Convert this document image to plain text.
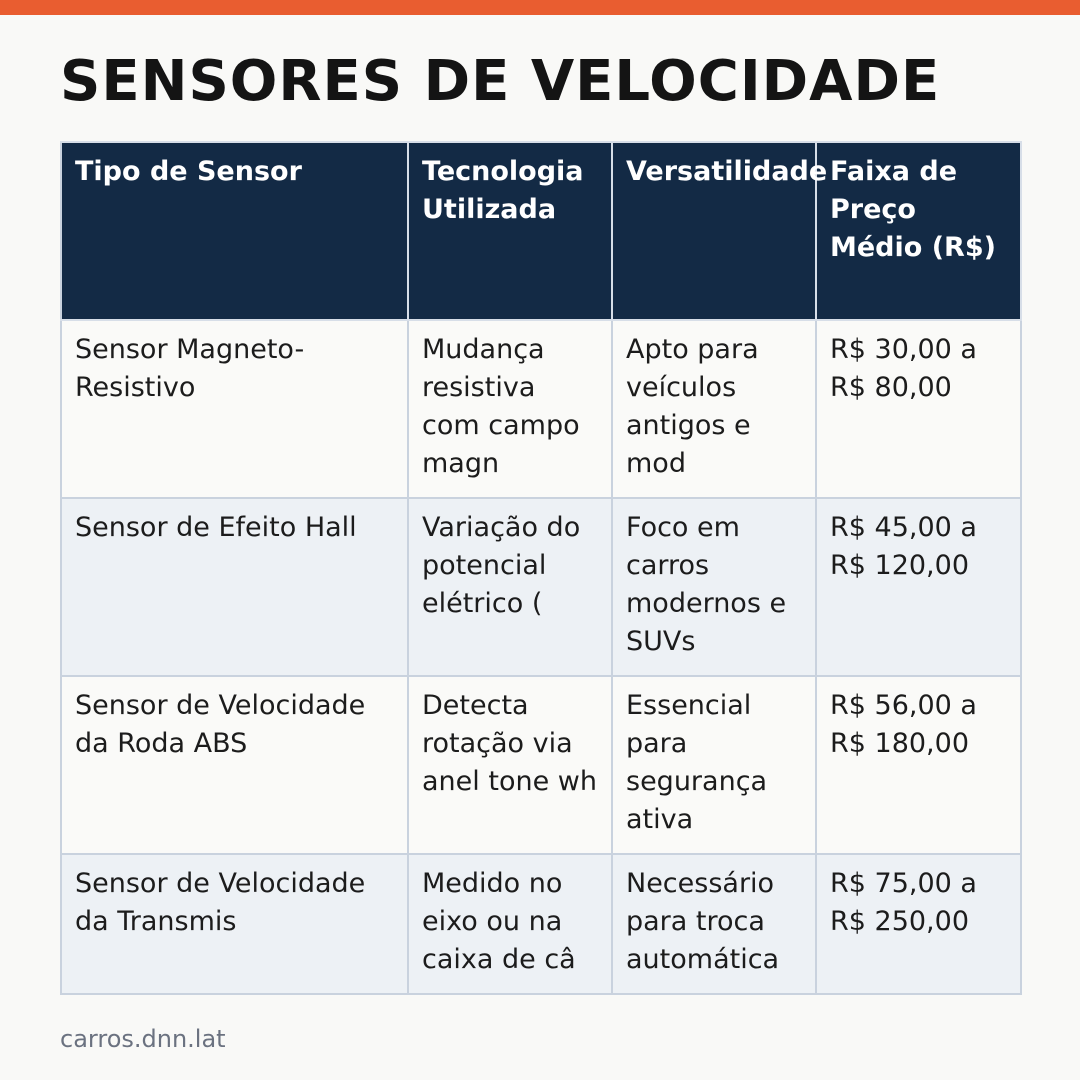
SENSORES DE VELOCIDADE
Tipo de Sensor	Tecnologia Utilizada	Versatilidade	Faixa de Preço Médio (R$)
Sensor Magneto-Resistivo	Mudança resistiva com campo magn	Apto para veículos antigos e mod	R$ 30,00 a R$ 80,00
Sensor de Efeito Hall	Variação do potencial elétrico (	Foco em carros modernos e SUVs	R$ 45,00 a R$ 120,00
Sensor de Velocidade da Roda ABS	Detecta rotação via anel tone wh	Essencial para segurança ativa	R$ 56,00 a R$ 180,00
Sensor de Velocidade da Transmis	Medido no eixo ou na caixa de câ	Necessário para troca automática	R$ 75,00 a R$ 250,00
carros.dnn.lat
